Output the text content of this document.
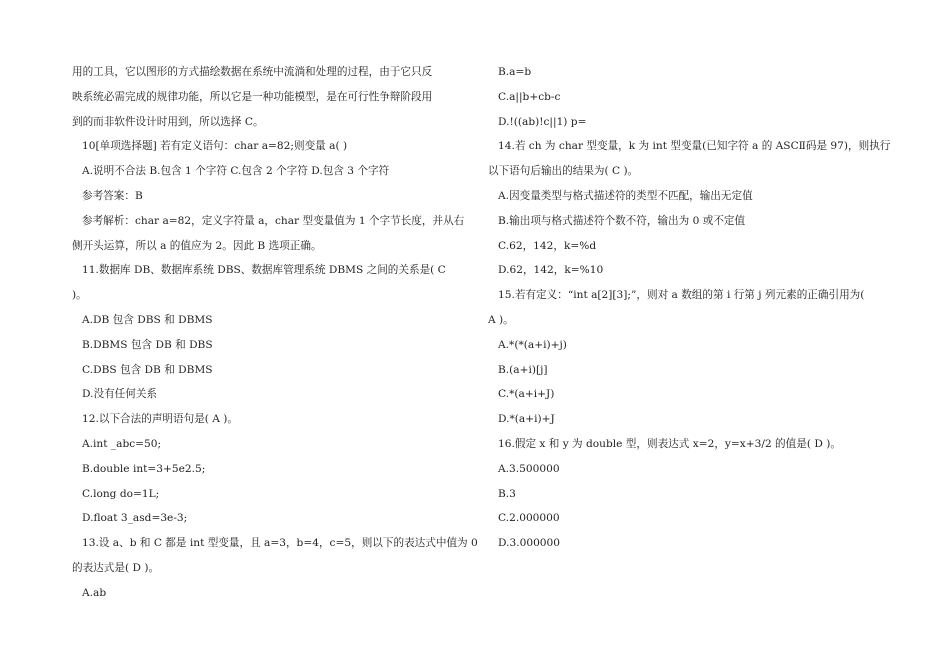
用的工具，它以图形的方式描绘数据在系统中流淌和处理的过程，由于它只反
映系统必需完成的规律功能，所以它是一种功能模型，是在可行性争辩阶段用
到的而非软件设计时用到，所以选择 C。
10[单项选择题] 若有定义语句：char a=82;则变量 a( )
A.说明不合法 B.包含 1 个字符 C.包含 2 个字符 D.包含 3 个字符
参考答案：B
参考解析：char a=82，定义字符量 a，char 型变量值为 1 个字节长度，并从右
侧开头运算，所以 a 的值应为 2。因此 B 选项正确。
11.数据库 DB、数据库系统 DBS、数据库管理系统 DBMS 之间的关系是( C
)。
A.DB 包含 DBS 和 DBMS
B.DBMS 包含 DB 和 DBS
C.DBS 包含 DB 和 DBMS
D.没有任何关系
12.以下合法的声明语句是( A )。
A.int _abc=50;
B.double int=3+5e2.5;
C.long do=1L;
D.float 3_asd=3e-3;
13.设 a、b 和 C 都是 int 型变量，且 a=3，b=4，c=5，则以下的表达式中值为 0
的表达式是( D )。
A.ab
B.a=b
C.a||b+cb-c
D.!((ab)!c||1) p=
14.若 ch 为 char 型变量，k 为 int 型变量(已知字符 a 的 ASCⅡ码是 97)，则执行
以下语句后输出的结果为( C )。
A.因变量类型与格式描述符的类型不匹配，输出无定值
B.输出项与格式描述符个数不符，输出为 0 或不定值
C.62，142，k=%d
D.62，142，k=%10
15.若有定义：“int a[2][3];”，则对 a 数组的第 i 行第 j 列元素的正确引用为(
A )。
A.*(*(a+i)+j)
B.(a+i)[j]
C.*(a+i+J)
D.*(a+i)+J
16.假定 x 和 y 为 double 型，则表达式 x=2，y=x+3/2 的值是( D )。
A.3.500000
B.3
C.2.000000
D.3.000000
